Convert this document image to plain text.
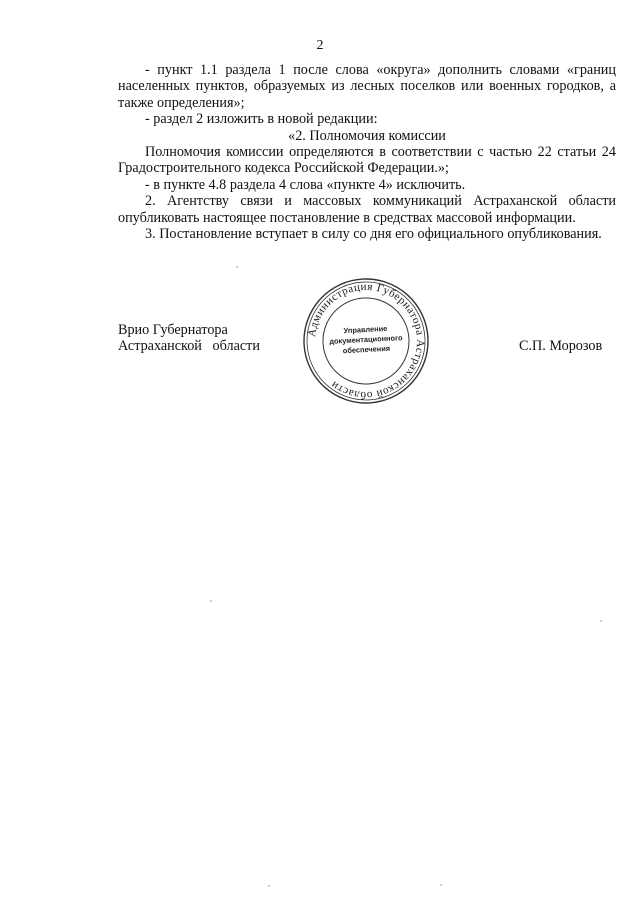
2

- пункт 1.1 раздела 1 после слова «округа» дополнить словами «границ населенных пунктов, образуемых из лесных поселков или военных городков, а также определения»;

- раздел 2 изложить в новой редакции:

«2. Полномочия комиссии

Полномочия комиссии определяются в соответствии с частью 22 статьи 24 Градостроительного кодекса Российской Федерации.»;

- в пункте 4.8 раздела 4 слова «пункте 4» исключить.

2. Агентству связи и массовых коммуникаций Астраханской области опубликовать настоящее постановление в средствах массовой информации.

3. Постановление вступает в силу со дня его официального опубликования.

Врио Губернатора
Астраханской   области
Администрация Губернатора Астраханской области
Управление
документационного
обеспечения	С.П. Морозов
